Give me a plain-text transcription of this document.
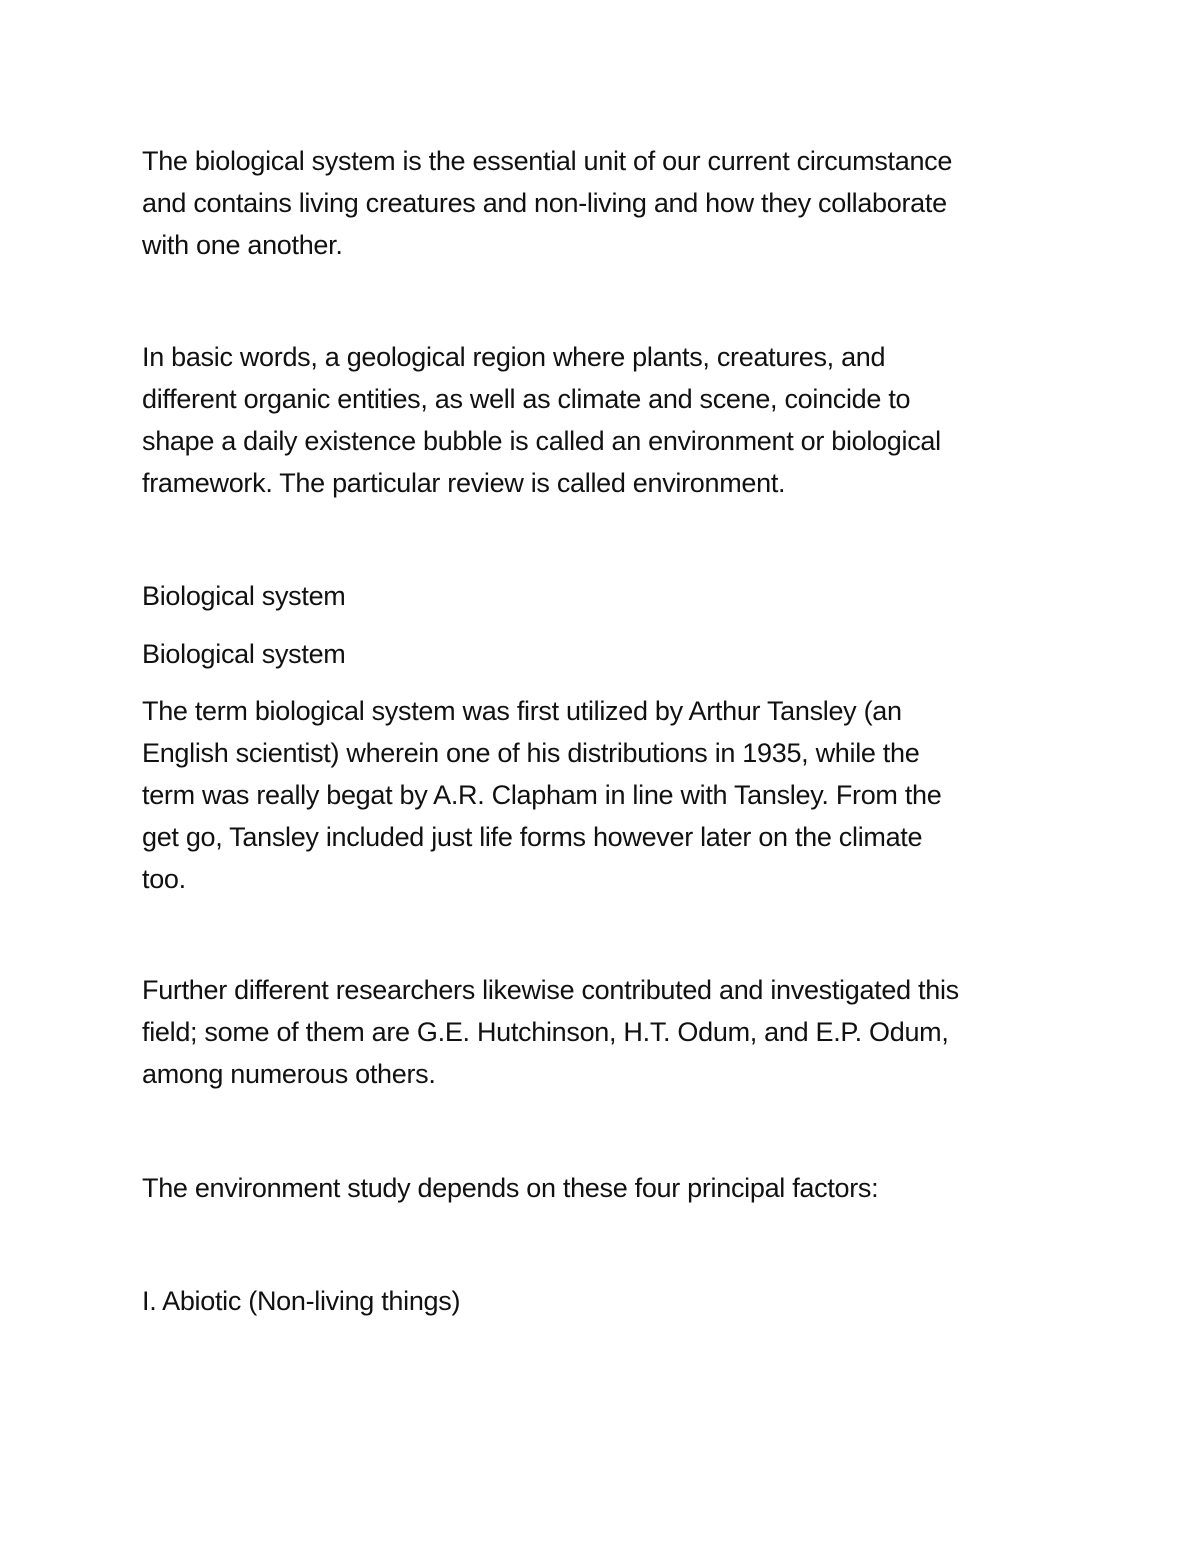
The biological system is the essential unit of our current circumstance
and contains living creatures and non-living and how they collaborate
with one another.

In basic words, a geological region where plants, creatures, and
different organic entities, as well as climate and scene, coincide to
shape a daily existence bubble is called an environment or biological
framework. The particular review is called environment.

Biological system

Biological system

The term biological system was first utilized by Arthur Tansley (an
English scientist) wherein one of his distributions in 1935, while the
term was really begat by A.R. Clapham in line with Tansley. From the
get go, Tansley included just life forms however later on the climate
too.

Further different researchers likewise contributed and investigated this
field; some of them are G.E. Hutchinson, H.T. Odum, and E.P. Odum,
among numerous others.

The environment study depends on these four principal factors:

I. Abiotic (Non-living things)
